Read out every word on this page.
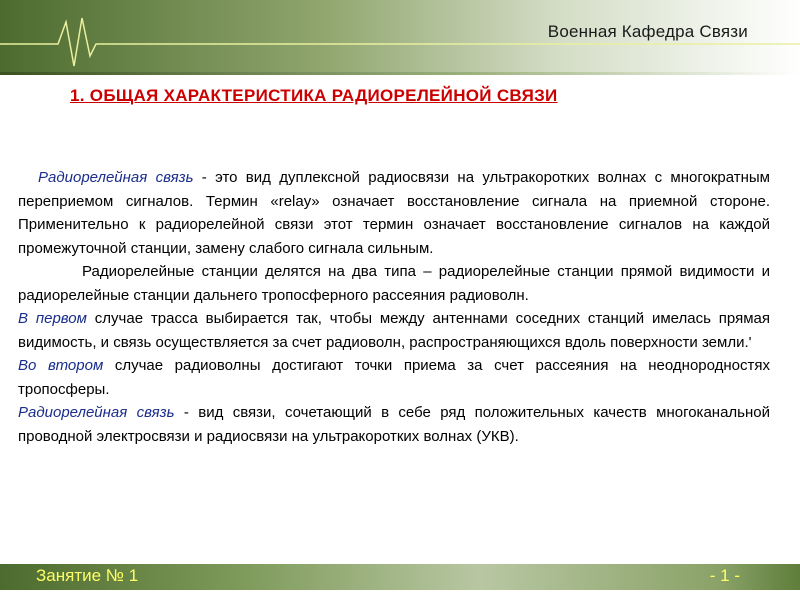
Военная Кафедра Связи
1. ОБЩАЯ ХАРАКТЕРИСТИКА РАДИОРЕЛЕЙНОЙ СВЯЗИ

Радиорелейная связь - это вид дуплексной радиосвязи на ультракоротких волнах с многократным переприемом сигналов. Термин «relay» означает восстановление сигнала на приемной стороне. Применительно к радиорелейной связи этот термин означает восстановление сигналов на каждой промежуточной станции, замену слабого сигнала сильным.

Радиорелейные станции делятся на два типа – радиорелейные станции прямой видимости и радиорелейные станции дальнего тропосферного рассеяния радиоволн.

В первом случае трасса выбирается так, чтобы между антеннами соседних станций имелась прямая видимость, и связь осуществляется за счет радиоволн, распространяющихся вдоль поверхности земли.'

Во втором случае радиоволны достигают точки приема за счет рассеяния на неоднородностях тропосферы.

Радиорелейная связь - вид связи, сочетающий в себе ряд положительных качеств многоканальной проводной электросвязи и радиосвязи на ультракоротких волнах (УКВ).

Занятие № 1	- 1 -
